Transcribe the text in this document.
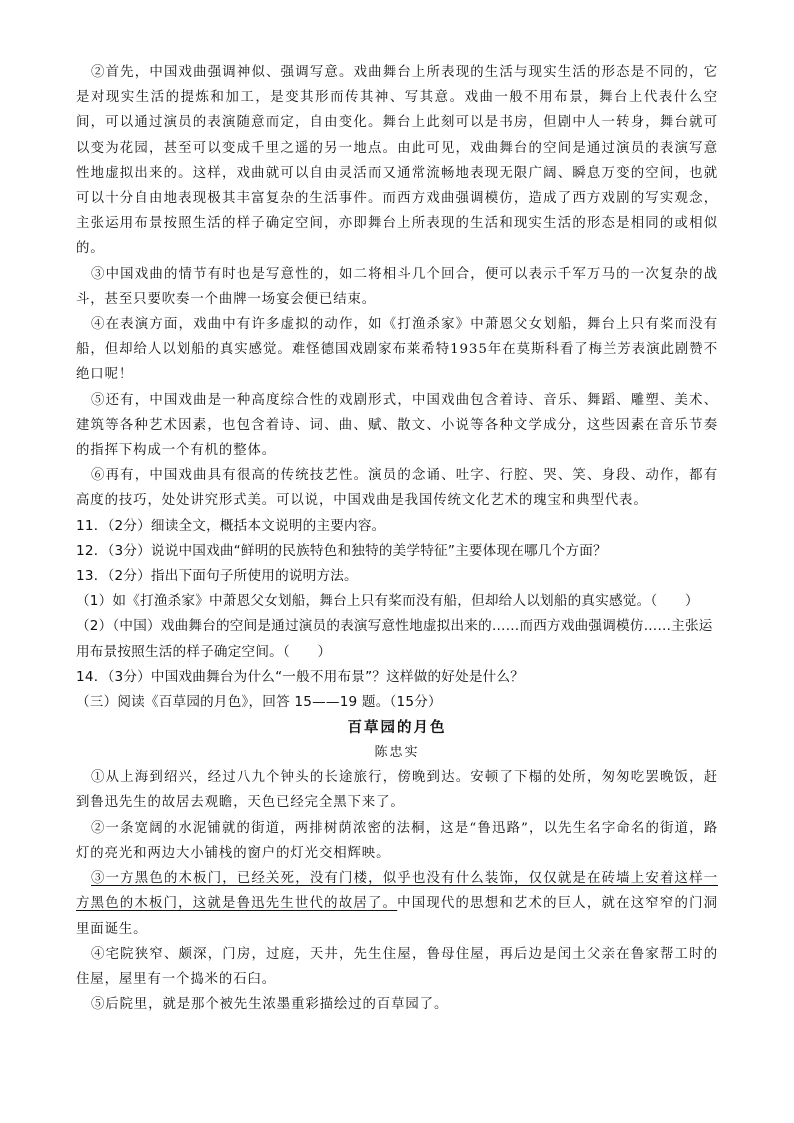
②首先，中国戏曲强调神似、强调写意。戏曲舞台上所表现的生活与现实生活的形态是不同的，它是对现实生活的提炼和加工，是变其形而传其神、写其意。戏曲一般不用布景，舞台上代表什么空间，可以通过演员的表演随意而定，自由变化。舞台上此刻可以是书房，但剧中人一转身，舞台就可以变为花园，甚至可以变成千里之遥的另一地点。由此可见，戏曲舞台的空间是通过演员的表演写意性地虚拟出来的。这样，戏曲就可以自由灵活而又通常流畅地表现无限广阔、瞬息万变的空间，也就可以十分自由地表现极其丰富复杂的生活事件。而西方戏曲强调模仿，造成了西方戏剧的写实观念，主张运用布景按照生活的样子确定空间，亦即舞台上所表现的生活和现实生活的形态是相同的或相似的。

③中国戏曲的情节有时也是写意性的，如二将相斗几个回合，便可以表示千军万马的一次复杂的战斗，甚至只要吹奏一个曲牌一场宴会便已结束。

④在表演方面，戏曲中有许多虚拟的动作，如《打渔杀家》中萧恩父女划船，舞台上只有桨而没有船，但却给人以划船的真实感觉。难怪德国戏剧家布莱希特1935年在莫斯科看了梅兰芳表演此剧赞不绝口呢！

⑤还有，中国戏曲是一种高度综合性的戏剧形式，中国戏曲包含着诗、音乐、舞蹈、雕塑、美术、建筑等各种艺术因素，也包含着诗、词、曲、赋、散文、小说等各种文学成分，这些因素在音乐节奏的指挥下构成一个有机的整体。

⑥再有，中国戏曲具有很高的传统技艺性。演员的念诵、吐字、行腔、哭、笑、身段、动作，都有高度的技巧，处处讲究形式美。可以说，中国戏曲是我国传统文化艺术的瑰宝和典型代表。

11．（2分）细读全文，概括本文说明的主要内容。

12．（3分）说说中国戏曲“鲜明的民族特色和独特的美学特征”主要体现在哪几个方面？

13．（2分）指出下面句子所使用的说明方法。

（1）如《打渔杀家》中萧恩父女划船，舞台上只有桨而没有船，但却给人以划船的真实感觉。（　　）

（2）（中国）戏曲舞台的空间是通过演员的表演写意性地虚拟出来的……而西方戏曲强调模仿……主张运用布景按照生活的样子确定空间。（　　）

14．（3分）中国戏曲舞台为什么“一般不用布景”？这样做的好处是什么？

（三）阅读《百草园的月色》，回答 15——19 题。（15分）

百草园的月色

陈忠实

①从上海到绍兴，经过八九个钟头的长途旅行，傍晚到达。安顿了下榻的处所，匆匆吃罢晚饭，赶到鲁迅先生的故居去观瞻，天色已经完全黑下来了。

②一条宽阔的水泥铺就的街道，两排树荫浓密的法桐，这是“鲁迅路”，以先生名字命名的街道，路灯的亮光和两边大小铺栈的窗户的灯光交相辉映。

③一方黑色的木板门，已经关死，没有门楼，似乎也没有什么装饰，仅仅就是在砖墙上安着这样一方黑色的木板门，这就是鲁迅先生世代的故居了。中国现代的思想和艺术的巨人，就在这窄窄的门洞里面诞生。

④宅院狭窄、颇深，门房，过庭，天井，先生住屋，鲁母住屋，再后边是闰土父亲在鲁家帮工时的住屋，屋里有一个捣米的石臼。

⑤后院里，就是那个被先生浓墨重彩描绘过的百草园了。
